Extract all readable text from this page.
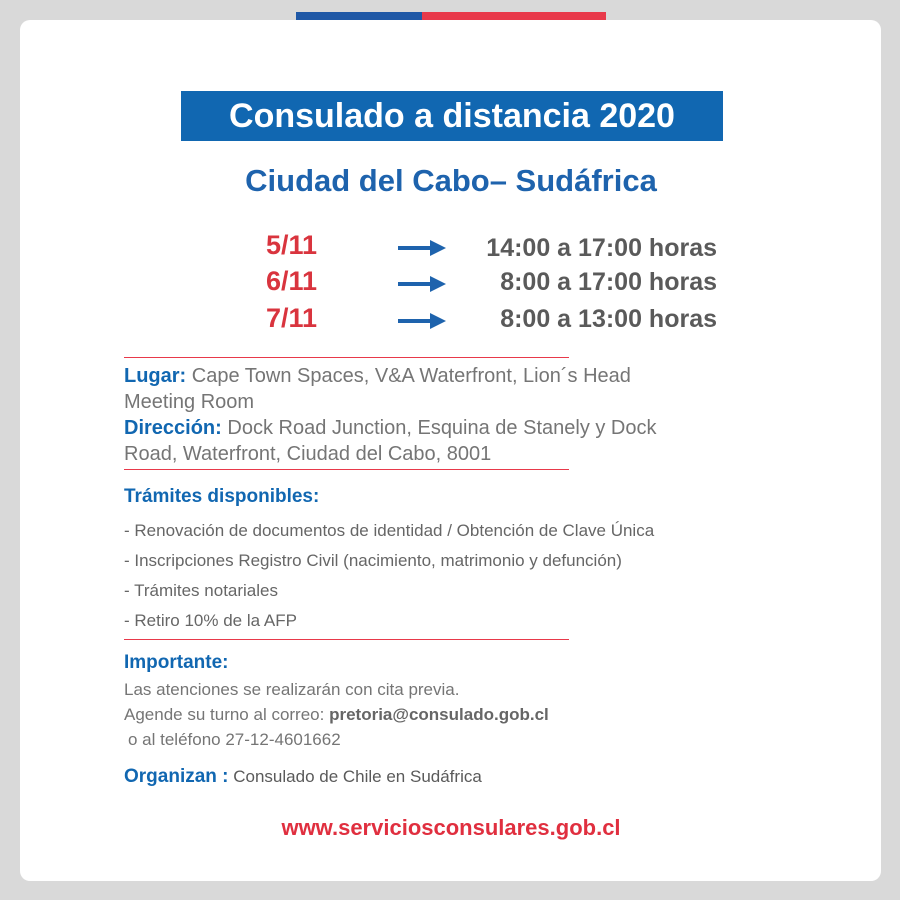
Consulado a distancia 2020
Ciudad del Cabo– Sudáfrica
5/11	14:00 a 17:00 horas
6/11	8:00 a 17:00 horas
7/11	8:00 a 13:00 horas
Lugar: Cape Town Spaces, V&A Waterfront, Lion´s Head Meeting Room
Dirección: Dock Road Junction, Esquina de Stanely y Dock Road, Waterfront, Ciudad del Cabo, 8001
Trámites disponibles:
- Renovación de documentos de identidad / Obtención de Clave Única
- Inscripciones Registro Civil (nacimiento, matrimonio y defunción)
- Trámites notariales
- Retiro 10% de la AFP
Importante:
Las atenciones se realizarán con cita previa.
Agende su turno al correo: pretoria@consulado.gob.cl
o al teléfono 27-12-4601662
Organizan : Consulado de Chile en Sudáfrica
www.serviciosconsulares.gob.cl
